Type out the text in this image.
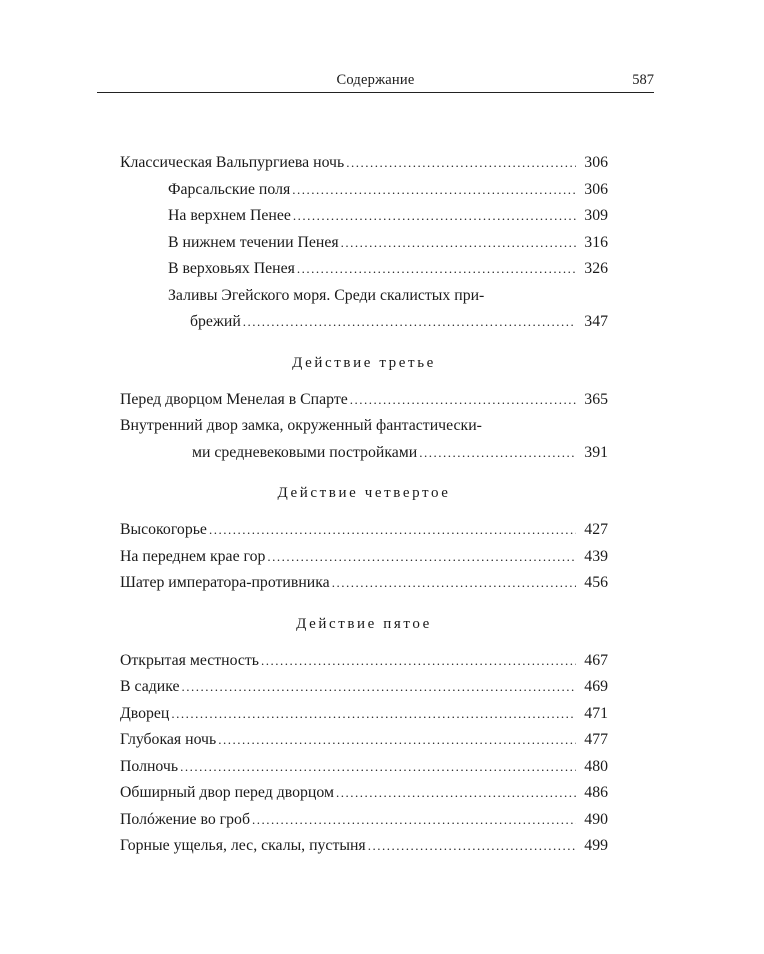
Содержание	587
Классическая Вальпургиева ночь .....	306
Фарсальские поля .....	306
На верхнем Пенее .....	309
В нижнем течении Пенея .....	316
В верховьях Пенея .....	326
Заливы Эгейского моря. Среди скалистых при-
брежий .....	347
Действие третье
Перед дворцом Менелая в Спарте .....	365
Внутренний двор замка, окруженный фантастически-
ми средневековыми постройками .....	391
Действие четвертое
Высокогорье .....	427
На переднем крае гор .....	439
Шатер императора-противника .....	456
Действие пятое
Открытая местность .....	467
В садике .....	469
Дворец .....	471
Глубокая ночь .....	477
Полночь .....	480
Обширный двор перед дворцом .....	486
Полóжение во гроб .....	490
Горные ущелья, лес, скалы, пустыня .....	499
